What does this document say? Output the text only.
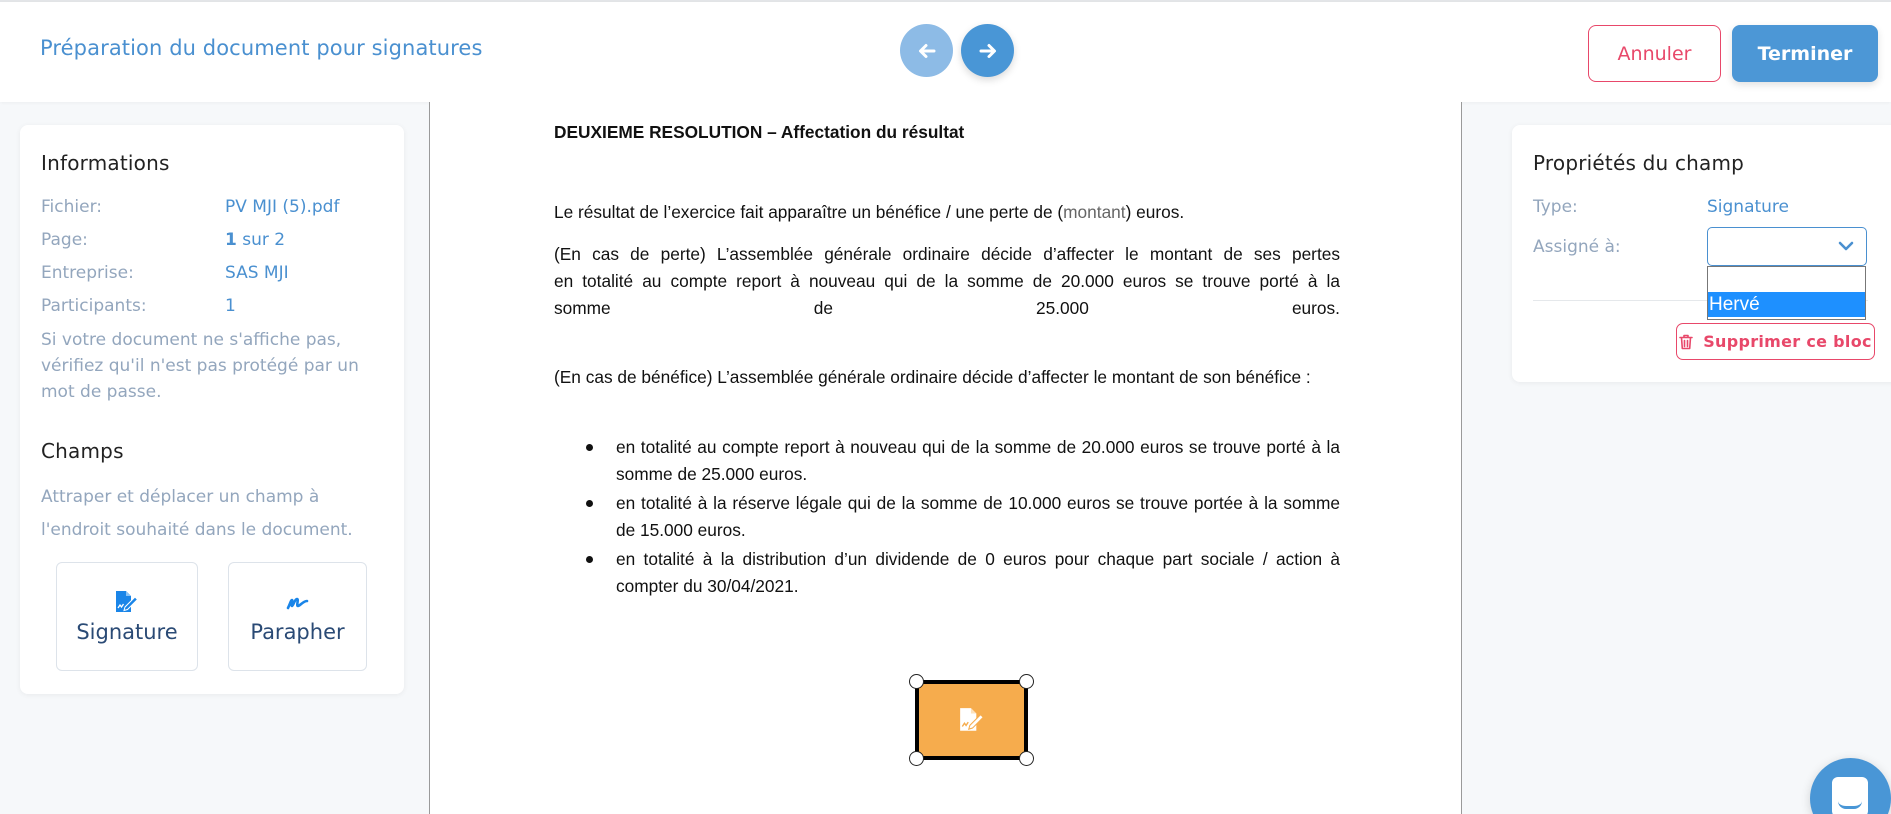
Préparation du document pour signatures	Annuler	Terminer
Informations
Fichier:	PV MJI (5).pdf
Page:	1 sur 2
Entreprise:	SAS MJI
Participants:	1
Si votre document ne s'affiche pas, vérifiez qu'il n'est pas protégé par un mot de passe.
Champs
Attraper et déplacer un champ à l'endroit souhaité dans le document.
Signature	Parapher
DEUXIEME RESOLUTION – Affectation du résultat
Le résultat de l’exercice fait apparaître un bénéfice / une perte de (montant) euros.
(En cas de perte) L’assemblée générale ordinaire décide d’affecter le montant de ses pertes
en totalité au compte report à nouveau qui de la somme de 20.000 euros se trouve porté à la
somme	de	25.000	euros.
(En cas de bénéfice) L’assemblée générale ordinaire décide d’affecter le montant de son bénéfice :
en totalité au compte report à nouveau qui de la somme de 20.000 euros se trouve porté à la somme de 25.000 euros.
en totalité à la réserve légale qui de la somme de 10.000 euros se trouve portée à la somme de 15.000 euros.
en totalité à la distribution d’un dividende de 0 euros pour chaque part sociale / action à compter du 30/04/2021.
Propriétés du champ
Type:	Signature
Assigné à:
Hervé
Supprimer ce bloc
